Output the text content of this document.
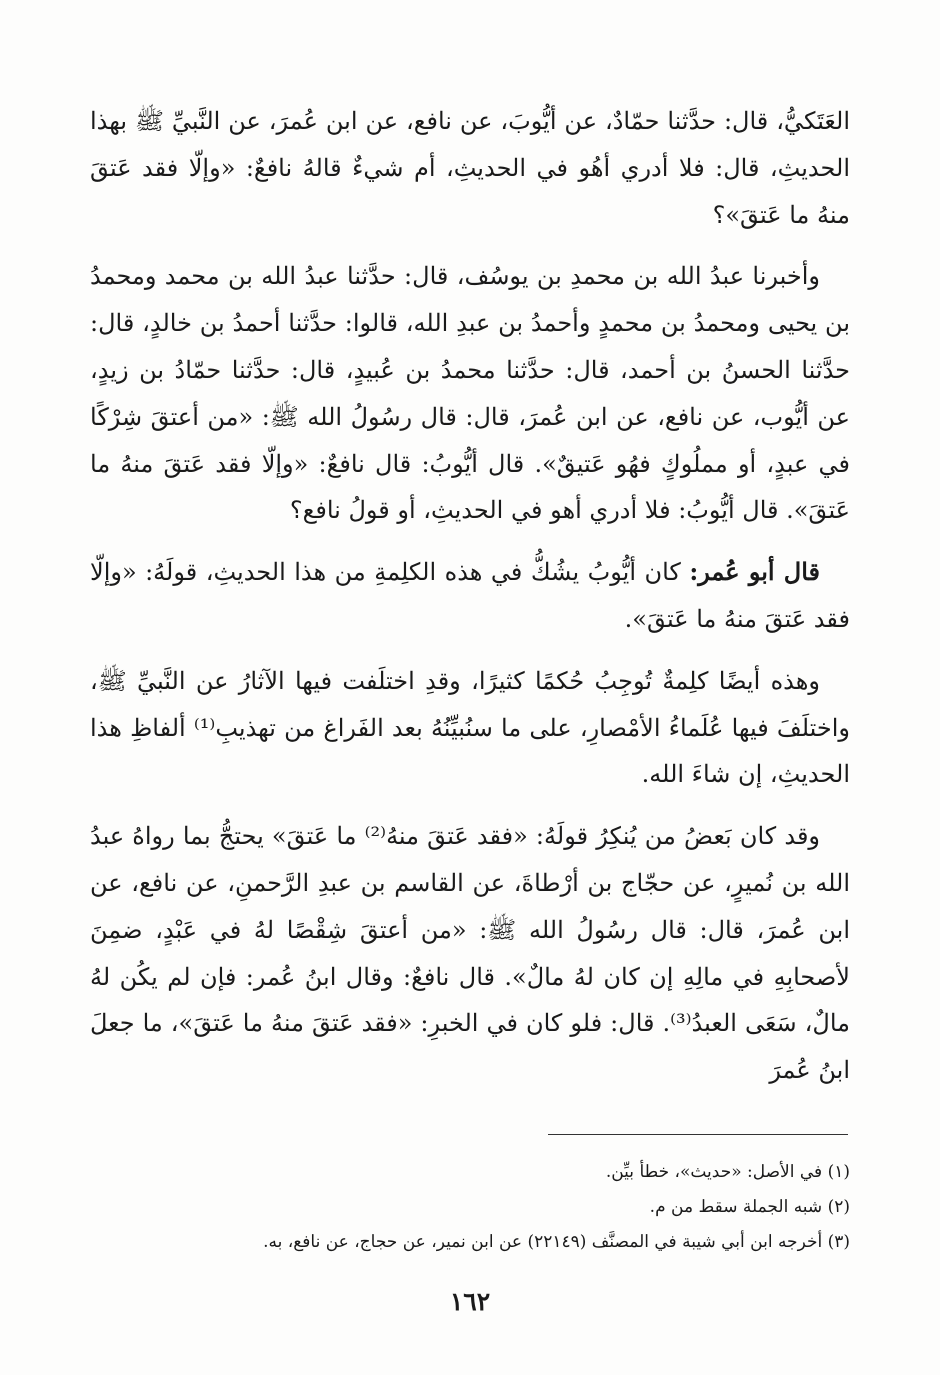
العَتَكيُّ، قال: حدَّثنا حمّادٌ، عن أيُّوبَ، عن نافع، عن ابن عُمرَ، عن النَّبيِّ ﷺ بهذا الحديثِ، قال: فلا أدري أهُو في الحديثِ، أم شيءٌ قالهُ نافعٌ: «وإلّا فقد عَتقَ منهُ ما عَتقَ»؟

وأخبرنا عبدُ الله بن محمدِ بن يوسُف، قال: حدَّثنا عبدُ الله بن محمد ومحمدُ بن يحيى ومحمدُ بن محمدٍ وأحمدُ بن عبدِ الله، قالوا: حدَّثنا أحمدُ بن خالدٍ، قال: حدَّثنا الحسنُ بن أحمد، قال: حدَّثنا محمدُ بن عُبيدٍ، قال: حدَّثنا حمّادُ بن زيدٍ، عن أيُّوب، عن نافع، عن ابن عُمرَ، قال: قال رسُولُ الله ﷺ: «من أعتقَ شِرْكًا في عبدٍ، أو مملُوكٍ فهُو عَتيقٌ». قال أيُّوبُ: قال نافعٌ: «وإلّا فقد عَتقَ منهُ ما عَتقَ». قال أيُّوبُ: فلا أدري أهو في الحديثِ، أو قولُ نافع؟

قال أبو عُمر: كان أيُّوبُ يشُكُّ في هذه الكلِمةِ من هذا الحديثِ، قولَهُ: «وإلّا فقد عَتقَ منهُ ما عَتقَ».

وهذه أيضًا كلِمةٌ تُوجِبُ حُكمًا كثيرًا، وقدِ اختلَفت فيها الآثارُ عن النَّبيِّ ﷺ، واختلَفَ فيها عُلَماءُ الأمْصارِ، على ما سنُبيِّنُهُ بعد الفَراغ من تهذيبِ⁽¹⁾ ألفاظِ هذا الحديثِ، إن شاءَ الله.

وقد كان بَعضُ من يُنكِرُ قولَهُ: «فقد عَتقَ منهُ⁽²⁾ ما عَتقَ» يحتجُّ بما رواهُ عبدُ الله بن نُميرٍ، عن حجّاج بن أرْطاةَ، عن القاسم بن عبدِ الرَّحمنِ، عن نافع، عن ابن عُمرَ، قال: قال رسُولُ الله ﷺ: «من أعتقَ شِقْصًا لهُ في عَبْدٍ، ضمِنَ لأصحابِهِ في مالِهِ إن كان لهُ مالٌ». قال نافعٌ: وقال ابنُ عُمر: فإن لم يكُن لهُ مالٌ، سَعَى العبدُ⁽³⁾. قال: فلو كان في الخبرِ: «فقد عَتقَ منهُ ما عَتقَ»، ما جعلَ ابنُ عُمرَ

(١) في الأصل: «حديث»، خطأ بيِّن.
(٢) شبه الجملة سقط من م.
(٣) أخرجه ابن أبي شيبة في المصنَّف (٢٢١٤٩) عن ابن نمير، عن حجاج، عن نافع، به.
١٦٢
